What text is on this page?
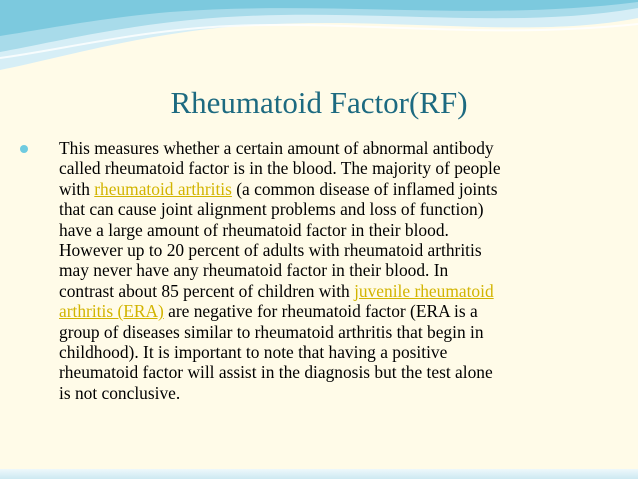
Rheumatoid Factor(RF)
This measures whether a certain amount of abnormal antibody
called rheumatoid factor is in the blood. The majority of people
with rheumatoid arthritis (a common disease of inflamed joints
that can cause joint alignment problems and loss of function)
have a large amount of rheumatoid factor in their blood.
However up to 20 percent of adults with rheumatoid arthritis
may never have any rheumatoid factor in their blood. In
contrast about 85 percent of children with juvenile rheumatoid
arthritis (ERA) are negative for rheumatoid factor (ERA is a
group of diseases similar to rheumatoid arthritis that begin in
childhood). It is important to note that having a positive
rheumatoid factor will assist in the diagnosis but the test alone
is not conclusive.
